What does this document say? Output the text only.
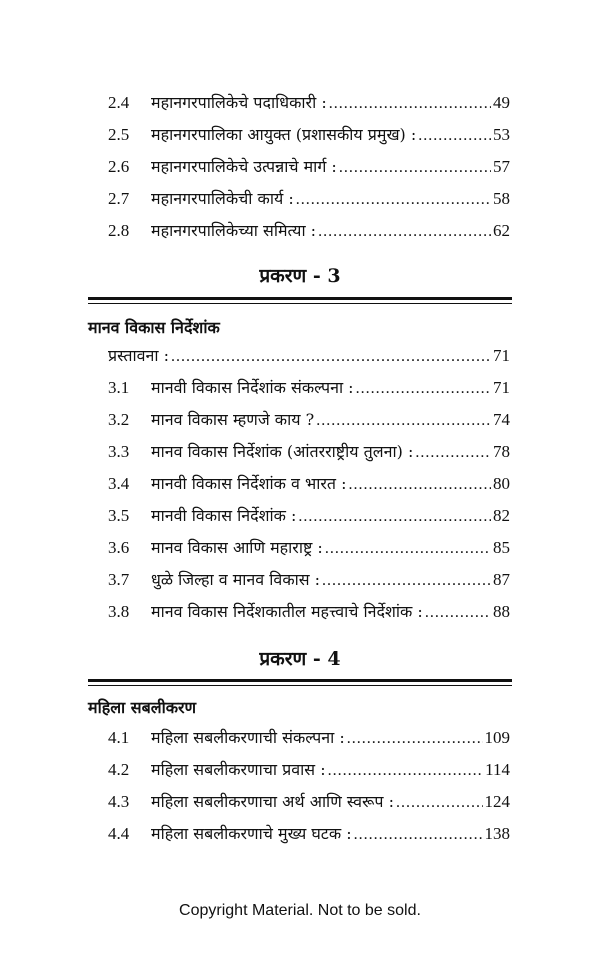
2.4	महानगरपालिकेचे पदाधिकारी : .....	49
2.5	महानगरपालिका आयुक्त (प्रशासकीय प्रमुख) : .....	53
2.6	महानगरपालिकेचे उत्पन्नाचे मार्ग : .....	57
2.7	महानगरपालिकेची कार्य : .....	58
2.8	महानगरपालिकेच्या समित्या : .....	62
प्रकरण - 3
मानव विकास निर्देशांक
प्रस्तावना : .....	71
3.1	मानवी विकास निर्देशांक संकल्पना : .....	71
3.2	मानव विकास म्हणजे काय ? .....	74
3.3	मानव विकास निर्देशांक (आंतरराष्ट्रीय तुलना) : .....	78
3.4	मानवी विकास निर्देशांक व भारत : .....	80
3.5	मानवी विकास निर्देशांक : .....	82
3.6	मानव विकास आणि महाराष्ट्र : .....	85
3.7	धुळे जिल्हा व मानव विकास : .....	87
3.8	मानव विकास निर्देशकातील महत्त्वाचे निर्देशांक : .....	88
प्रकरण - 4
महिला सबलीकरण
4.1	महिला सबलीकरणाची संकल्पना : .....	109
4.2	महिला सबलीकरणाचा प्रवास : .....	114
4.3	महिला सबलीकरणाचा अर्थ आणि स्वरूप : .....	124
4.4	महिला सबलीकरणाचे मुख्य घटक : .....	138
Copyright Material. Not to be sold.
